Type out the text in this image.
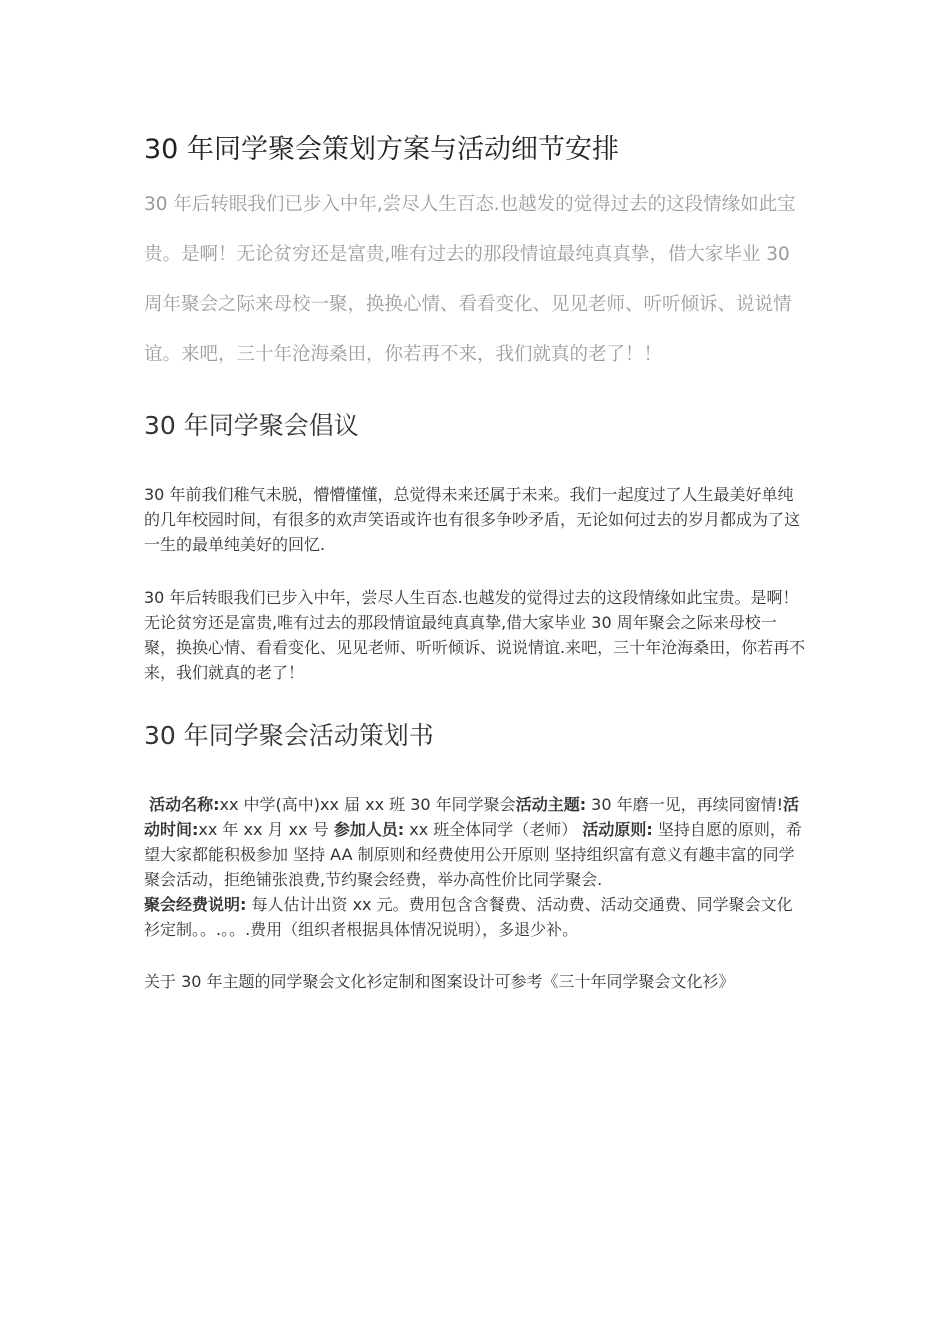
30 年同学聚会策划方案与活动细节安排

30 年后转眼我们已步入中年,尝尽人生百态.也越发的觉得过去的这段情缘如此宝贵。是啊！无论贫穷还是富贵,唯有过去的那段情谊最纯真真挚，借大家毕业 30 周年聚会之际来母校一聚，换换心情、看看变化、见见老师、听听倾诉、说说情谊。来吧，三十年沧海桑田，你若再不来，我们就真的老了！！

30 年同学聚会倡议

30 年前我们稚气未脱，懵懵懂懂，总觉得未来还属于未来。我们一起度过了人生最美好单纯的几年校园时间，有很多的欢声笑语或许也有很多争吵矛盾，无论如何过去的岁月都成为了这一生的最单纯美好的回忆.

30 年后转眼我们已步入中年，尝尽人生百态.也越发的觉得过去的这段情缘如此宝贵。是啊！无论贫穷还是富贵,唯有过去的那段情谊最纯真真挚,借大家毕业 30 周年聚会之际来母校一聚，换换心情、看看变化、见见老师、听听倾诉、说说情谊.来吧，三十年沧海桑田，你若再不来，我们就真的老了！

30 年同学聚会活动策划书

活动名称:xx 中学(高中)xx 届 xx 班 30 年同学聚会活动主题: 30 年磨一见，再续同窗情!活动时间:xx 年 xx 月 xx 号 参加人员: xx 班全体同学（老师） 活动原则: 坚持自愿的原则，希望大家都能积极参加 坚持 AA 制原则和经费使用公开原则 坚持组织富有意义有趣丰富的同学聚会活动，拒绝铺张浪费,节约聚会经费，举办高性价比同学聚会.
聚会经费说明: 每人估计出资 xx 元。费用包含含餐费、活动费、活动交通费、同学聚会文化衫定制。。.。。.费用（组织者根据具体情况说明），多退少补。

关于 30 年主题的同学聚会文化衫定制和图案设计可参考《三十年同学聚会文化衫》
